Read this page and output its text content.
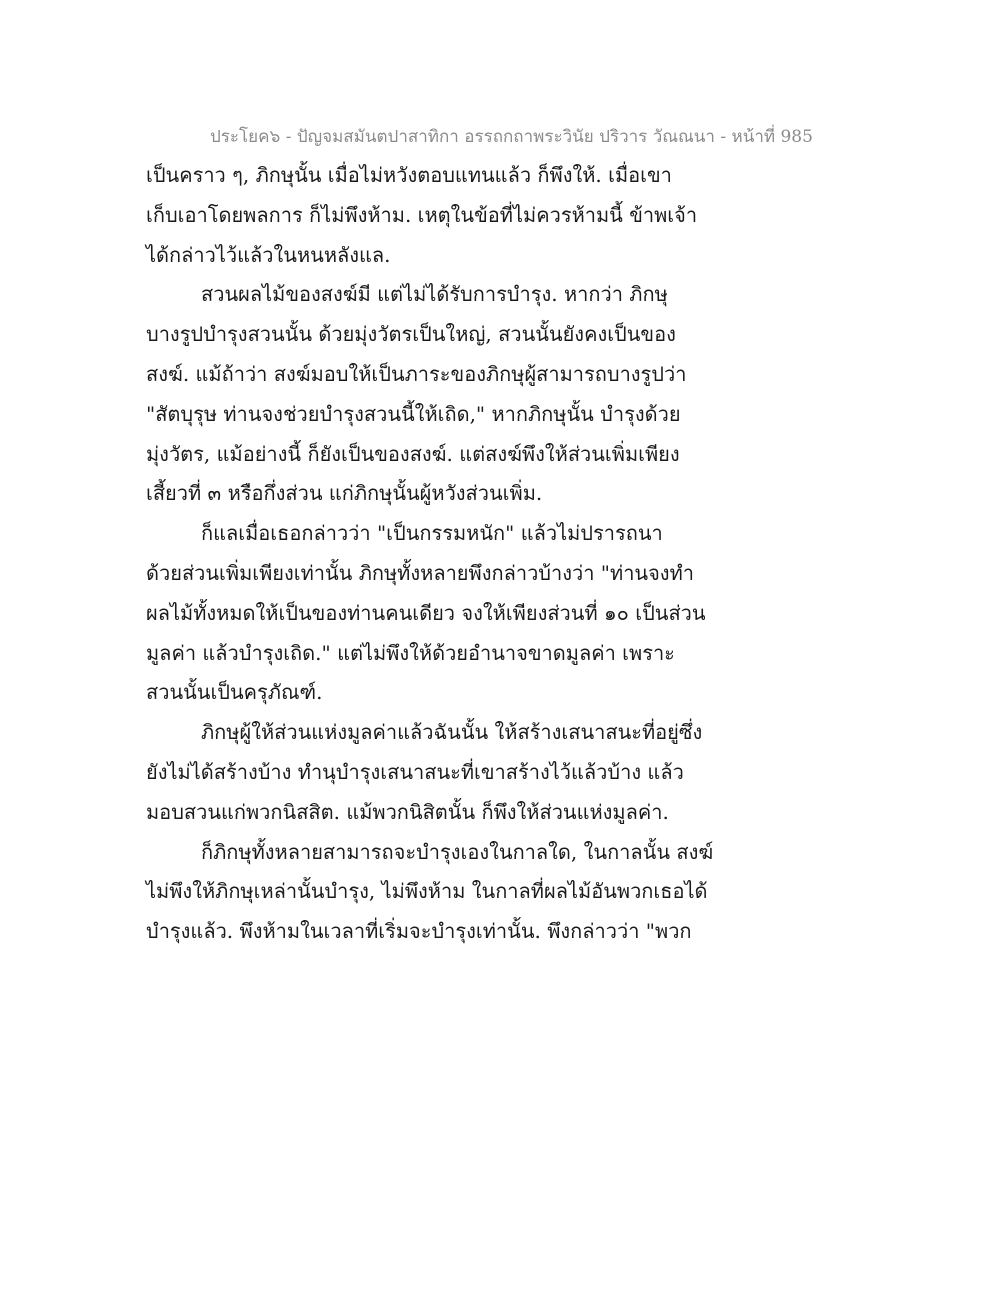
ประโยค๖ - ปัญจมสมันตปาสาทิกา อรรถกถาพระวินัย ปริวาร วัณณนา - หน้าที่ 985
เป็นคราว ๆ, ภิกษุนั้น เมื่อไม่หวังตอบแทนแล้ว ก็พึงให้. เมื่อเขา
เก็บเอาโดยพลการ ก็ไม่พึงห้าม. เหตุในข้อที่ไม่ควรห้ามนี้ ข้าพเจ้า
ได้กล่าวไว้แล้วในหนหลังแล.
สวนผลไม้ของสงฆ์มี แต่ไม่ได้รับการบำรุง. หากว่า ภิกษุ
บางรูปบำรุงสวนนั้น ด้วยมุ่งวัตรเป็นใหญ่, สวนนั้นยังคงเป็นของ
สงฆ์. แม้ถ้าว่า สงฆ์มอบให้เป็นภาระของภิกษุผู้สามารถบางรูปว่า
"สัตบุรุษ ท่านจงช่วยบำรุงสวนนี้ให้เถิด," หากภิกษุนั้น บำรุงด้วย
มุ่งวัตร, แม้อย่างนี้ ก็ยังเป็นของสงฆ์. แต่สงฆ์พึงให้ส่วนเพิ่มเพียง
เสี้ยวที่ ๓ หรือกึ่งส่วน แก่ภิกษุนั้นผู้หวังส่วนเพิ่ม.
ก็แลเมื่อเธอกล่าวว่า "เป็นกรรมหนัก" แล้วไม่ปรารถนา
ด้วยส่วนเพิ่มเพียงเท่านั้น ภิกษุทั้งหลายพึงกล่าวบ้างว่า "ท่านจงทำ
ผลไม้ทั้งหมดให้เป็นของท่านคนเดียว จงให้เพียงส่วนที่ ๑๐ เป็นส่วน
มูลค่า แล้วบำรุงเถิด." แต่ไม่พึงให้ด้วยอำนาจขาดมูลค่า เพราะ
สวนนั้นเป็นครุภัณฑ์.
ภิกษุผู้ให้ส่วนแห่งมูลค่าแล้วฉันนั้น ให้สร้างเสนาสนะที่อยู่ซึ่ง
ยังไม่ได้สร้างบ้าง ทำนุบำรุงเสนาสนะที่เขาสร้างไว้แล้วบ้าง แล้ว
มอบสวนแก่พวกนิสสิต. แม้พวกนิสิตนั้น ก็พึงให้ส่วนแห่งมูลค่า.
ก็ภิกษุทั้งหลายสามารถจะบำรุงเองในกาลใด, ในกาลนั้น สงฆ์
ไม่พึงให้ภิกษุเหล่านั้นบำรุง, ไม่พึงห้าม ในกาลที่ผลไม้อันพวกเธอได้
บำรุงแล้ว. พึงห้ามในเวลาที่เริ่มจะบำรุงเท่านั้น. พึงกล่าวว่า "พวก
